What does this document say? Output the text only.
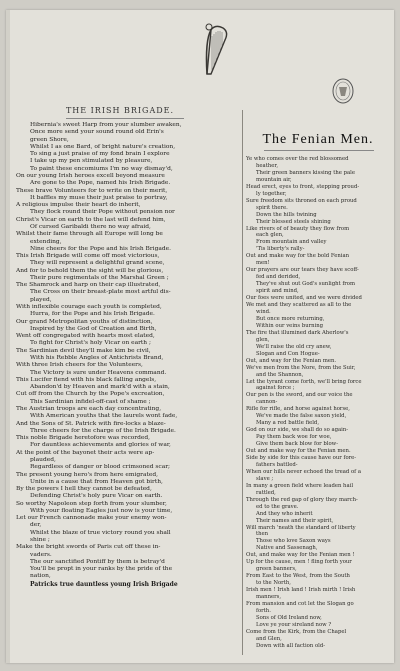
THE IRISH BRIGADE.
The Fenian Men.
Hibernia's sweet Harp from your slumber awaken,
Once more send your sound round old Erin's
green Shore,
Whilst I as one Bard, of bright nature's creation,
To sing a just praise of my fond brain I explore
I take up my pen stimulated by pleasure,
To paint these encomiums I'm no way dismay'd,
On our young Irish heroes excell beyond measure
Are gone to the Pope, named his Irish Brigade.
These brave Volunteers for to write on their merit,
It baffles my muse their just praise to portray,
A religious impulse their heart do inherit,
They flock round their Pope without pension nor
Christ's Vicar on earth to the last will defend him,
Of cursed Garibaldi there no way afraid,
Whilst their fame through all Europe will long be
extending,
Nine cheers for the Pope and his Irish Brigade.
This Irish Brigade will come off most victorious,
They will represent a delightful grand scene,
And for to behold them the sight will be glorious,
Their pure regimentals of the Marshal Green ;
The Shamrock and harp on their cap illustrated,
The Cross on their breast-plate most artful dis-
played,
With inflexible courage each youth is completed,
Hurra, for the Pope and his Irish Brigade.
Our grand Metropolitan youths of distinction,
Inspired by the God of Creation and Birth,
Went off congregated with hearts most elated,
To fight for Christ's holy Vicar on earth ;
The Sardinian devil they'll make kim be civil,
With his Rebble Angles of Antichrists Brand,
With three Irish cheers for the Volunteers,
The Victory is sure under Heavens command.
This Lucifer fiend with his black falling angels,
Abandon'd by Heaven and mark'd with a stain,
Cut off from the Church by the Pope's excreation,
This Sardinian infidel-off-cast of shame ;
The Austrian troops are each day concentrating,
With American youths that the laurels wont fade,
And the Sons of St. Patrick with fire-locks a blaze-
Three cheers for the charge of the Irish Brigade.
This noble Brigade heretofore was recorded,
For dauntless achievements and glories of war,
At the point of the bayonet their acts were ap-
plauded,
Regardless of danger or blood crimsoned scar;
The present young hero's from here emigrated,
Unite in a cause that from Heaven got birth,
By the powers I hell they cannot be defeated,
Defending Christ's holy pure Vicar on earth.
So worthy Napoleon step forth from your slumber,
With your floating Eagles just now is your time,
Let our French cannonade make your enemy won-
der,
Whilst the blaze of true victory round you shall
shine ;
Make the bright swords of Paris cut off these in-
vaders.
The our sanctified Pontiff by them is betray'd
You'll be propt in your ranks by the pride of the
nation,
Patricks true dauntless young Irish Brigade
Ye who comes over the red blossomed
heather,
Their green banners kissing the pale
mountain air,
Head erect, eyes to front, stepping proud-
ly together,
Sure freedom sits throned on each proud
spirit there.
Down the hills twining
Their blessed steels shining
Like rivers of of beauty they flow from
each glen,
From mountain and valley
'Tis liberty's rally-
Out and make way for the bold Fenian
men!
Our prayers are our tears they have scoff-
fed and derided,
They've shut out God's sunlight from
spirit and mind,
Our foes were united, and we were divided
We met and they scattered as all to the
wind.
But once more returning,
Within our veins burning
The fire that illumined dark Aherlow's
glen,
We'll raise the old cry anew,
Slogan and Con Hogue-
Out, and way for the Fenian men.
We've men from the Nore, from the Suir,
and the Shannon,
Let the tyrant come forth, we'll bring force
against force ;
Our pen is the sword, and our voice the
cannon-
Rifle for rifle, and horse against horse,
We've made the false saxon yield,
Many a red battle field,
God on our side, we shall do so again-
Pay them back woe for woe,
Give them back blow for blow-
Out and make way for the Fenian men.
Side by side for this cause have our fore-
fathers battled-
When our hills never echoed the tread of a
slave ;
In many a green field where leaden hail
rattled,
Through the red gap of glory they march-
ed to the grave.
And they who inherit
Their names and their spirit,
Will march 'neath the standard of liberty
then
Those who love Saxon ways
Native and Sassenagh,
Out, and make way for the Fenian men !
Up for the cause, men ! fling forth your
green banners,
From East to the West, from the South
to the North,
Irish men ! Irish land ! Irish mirth ! Irish
manners,
From mansion and cot let the Slogan go
forth.
Sons of Old Ireland now,
Love ye your sireland now ?
Come from the Kirk, from the Chapel
and Glen,
Down with all faction old-
